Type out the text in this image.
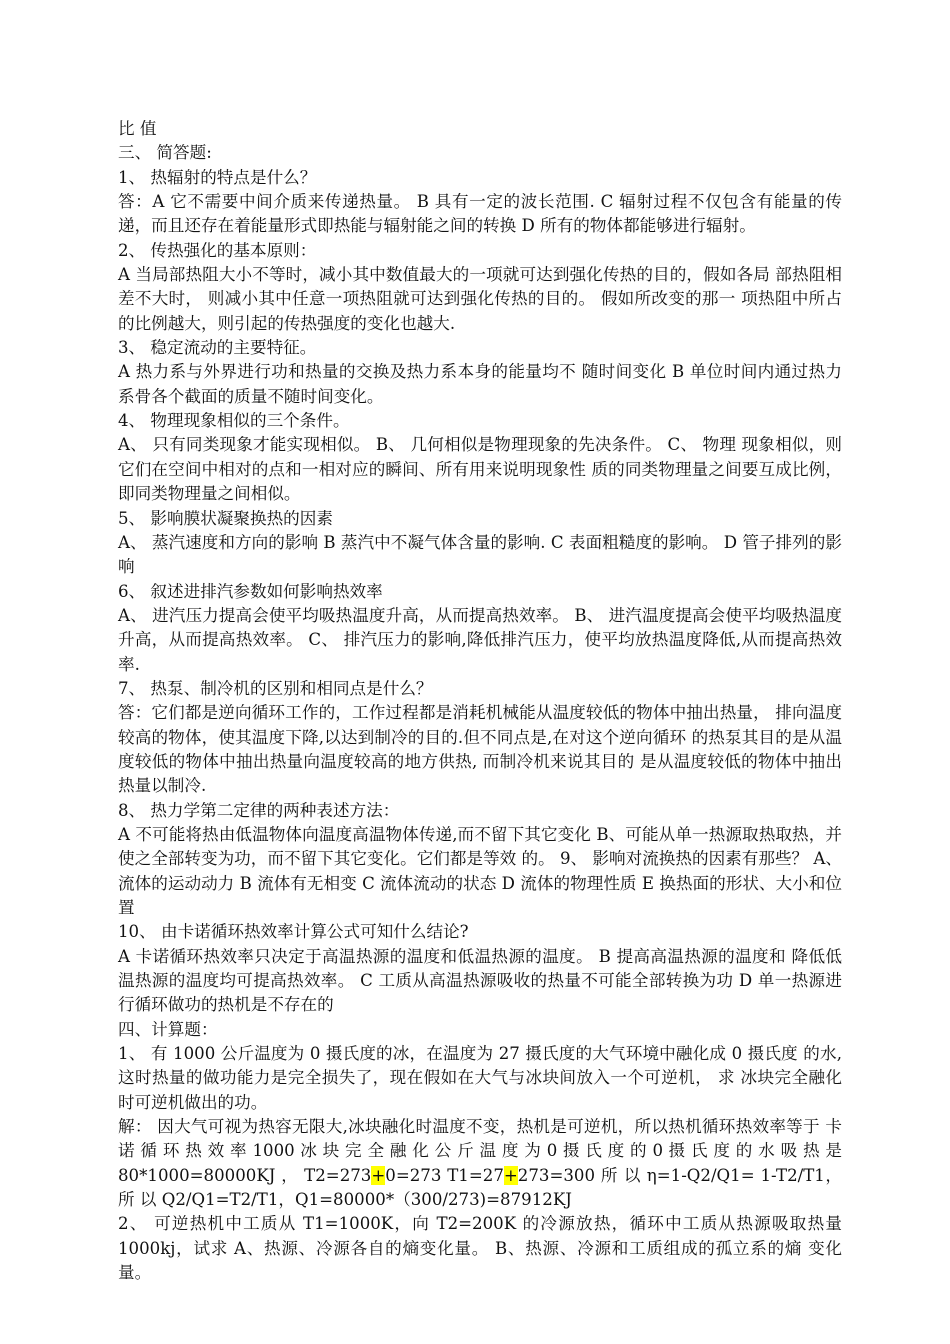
比 值
三、 简答题:
1、 热辐射的特点是什么？
答：A 它不需要中间介质来传递热量。 B 具有一定的波长范围. C 辐射过程不仅包含有能量的传递，而且还存在着能量形式即热能与辐射能之间的转换 D 所有的物体都能够进行辐射。
2、 传热强化的基本原则：
A 当局部热阻大小不等时，减小其中数值最大的一项就可达到强化传热的目的，假如各局 部热阻相差不大时， 则减小其中任意一项热阻就可达到强化传热的目的。 假如所改变的那一 项热阻中所占的比例越大，则引起的传热强度的变化也越大.
3、 稳定流动的主要特征。
A 热力系与外界进行功和热量的交换及热力系本身的能量均不 随时间变化 B 单位时间内通过热力系骨各个截面的质量不随时间变化。
4、 物理现象相似的三个条件。
A、 只有同类现象才能实现相似。 B、 几何相似是物理现象的先决条件。 C、 物理 现象相似，则它们在空间中相对的点和一相对应的瞬间、所有用来说明现象性 质的同类物理量之间要互成比例，即同类物理量之间相似。
5、 影响膜状凝聚换热的因素
A、 蒸汽速度和方向的影响 B 蒸汽中不凝气体含量的影响. C 表面粗糙度的影响。 D 管子排列的影响
6、 叙述进排汽参数如何影响热效率
A、 进汽压力提高会使平均吸热温度升高，从而提高热效率。 B、 进汽温度提高会使平均吸热温度升高，从而提高热效率。 C、 排汽压力的影响,降低排汽压力，使平均放热温度降低,从而提高热效率.
7、 热泵、制冷机的区别和相同点是什么？
答：它们都是逆向循环工作的，工作过程都是消耗机械能从温度较低的物体中抽出热量， 排向温度较高的物体，使其温度下降,以达到制冷的目的.但不同点是,在对这个逆向循环 的热泵其目的是从温度较低的物体中抽出热量向温度较高的地方供热, 而制冷机来说其目的 是从温度较低的物体中抽出热量以制冷.
8、 热力学第二定律的两种表述方法：
A 不可能将热由低温物体向温度高温物体传递,而不留下其它变化 B、可能从单一热源取热取热，并使之全部转变为功，而不留下其它变化。它们都是等效 的。 9、 影响对流换热的因素有那些？ A、 流体的运动动力 B 流体有无相变 C 流体流动的状态 D 流体的物理性质 E 换热面的形状、大小和位置
10、 由卡诺循环热效率计算公式可知什么结论?
A 卡诺循环热效率只决定于高温热源的温度和低温热源的温度。 B 提高高温热源的温度和 降低低温热源的温度均可提高热效率。 C 工质从高温热源吸收的热量不可能全部转换为功 D 单一热源进行循环做功的热机是不存在的
四、计算题：
1、 有 1000 公斤温度为 0 摄氏度的冰，在温度为 27 摄氏度的大气环境中融化成 0 摄氏度 的水,这时热量的做功能力是完全损失了，现在假如在大气与冰块间放入一个可逆机， 求 冰块完全融化时可逆机做出的功。
解： 因大气可视为热容无限大,冰块融化时温度不变，热机是可逆机，所以热机循环热效率等于 卡 诺 循 环 热 效 率 1000 冰 块 完 全 融 化 公 斤 温 度 为 0 摄 氏 度 的 0 摄 氏 度 的 水 吸 热 是 80*1000=80000KJ ， T2=273+0=273 T1=27+273=300 所 以 η=1-Q2/Q1= 1-T2/T1， 所 以 Q2/Q1=T2/T1，Q1=80000*（300/273)=87912KJ
2、 可逆热机中工质从 T1=1000K，向 T2=200K 的冷源放热，循环中工质从热源吸取热量 1000kj，试求 A、热源、冷源各自的熵变化量。 B、热源、冷源和工质组成的孤立系的熵 变化量。
